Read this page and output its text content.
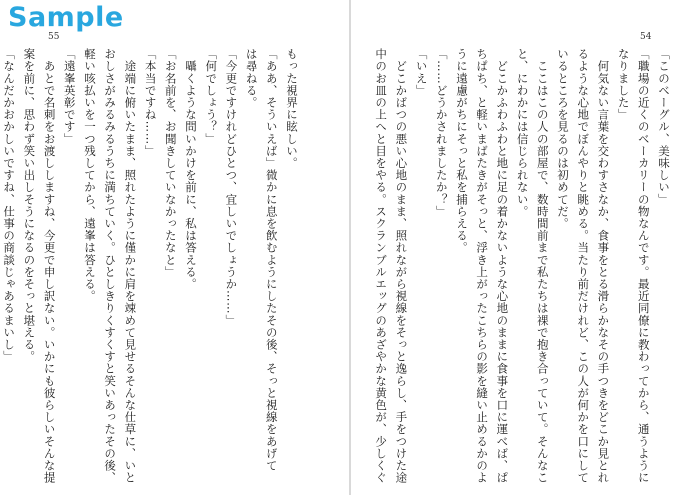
Sample
55	54

「このベーグル、美味しい」

「職場の近くのベーカリーの物なんです。最近同僚に教わってから、通うように

なりました」

　何気ない言葉を交わすさなか、食事をとる滑らかなその手つきをどこか見とれ

るような心地でぼんやりと眺める。当たり前だけれど、この人が何かを口にして

いるところを見るのは初めてだ。

　ここはこの人の部屋で、数時間前まで私たちは裸で抱き合っていて。そんなこ

と、にわかには信じられない。

　どこかふわふわと地に足の着かないような心地のままに食事を口に運べば、ぱ

ちぱち、と軽いまばたきがそっと、浮き上がったこちらの影を縫い止めるかのよ

うに遠慮がちにそっと私を捕らえる。

「……どうかされましたか？」

「いえ」

　どこかばつの悪い心地のまま、照れながら視線をそっと逸らし、手をつけた途

中のお皿の上へと目をやる。スクランブルエッグのあざやかな黄色が、少しくぐ

もった視界に眩しい。

「ああ、そういえば」微かに息を飲むようにしたその後、そっと視線をあげて

は尋ねる。

「今更ですけれどひとつ、宜しいでしょうか……」

「何でしょう？」

　囁くような問いかけを前に、私は答える。

「お名前を、お聞きしていなかったなと」

「本当ですね……」

　途端に俯いたまま、照れたように僅かに肩を竦めて見せるそんな仕草に、いと

おしさがみるみるうちに満ちていく。ひとしきりくすくすと笑いあったその後、

軽い咳払いを一つ残してから、遠峯は答える。

「遠峯英彰です」

　あとで名刺をお渡ししますね、今更で申し訳ない。いかにも彼らしいそんな提

案を前に、思わず笑い出しそうになるのをそっと堪える。

「なんだかおかしいですね、仕事の商談じゃあるまいし」
